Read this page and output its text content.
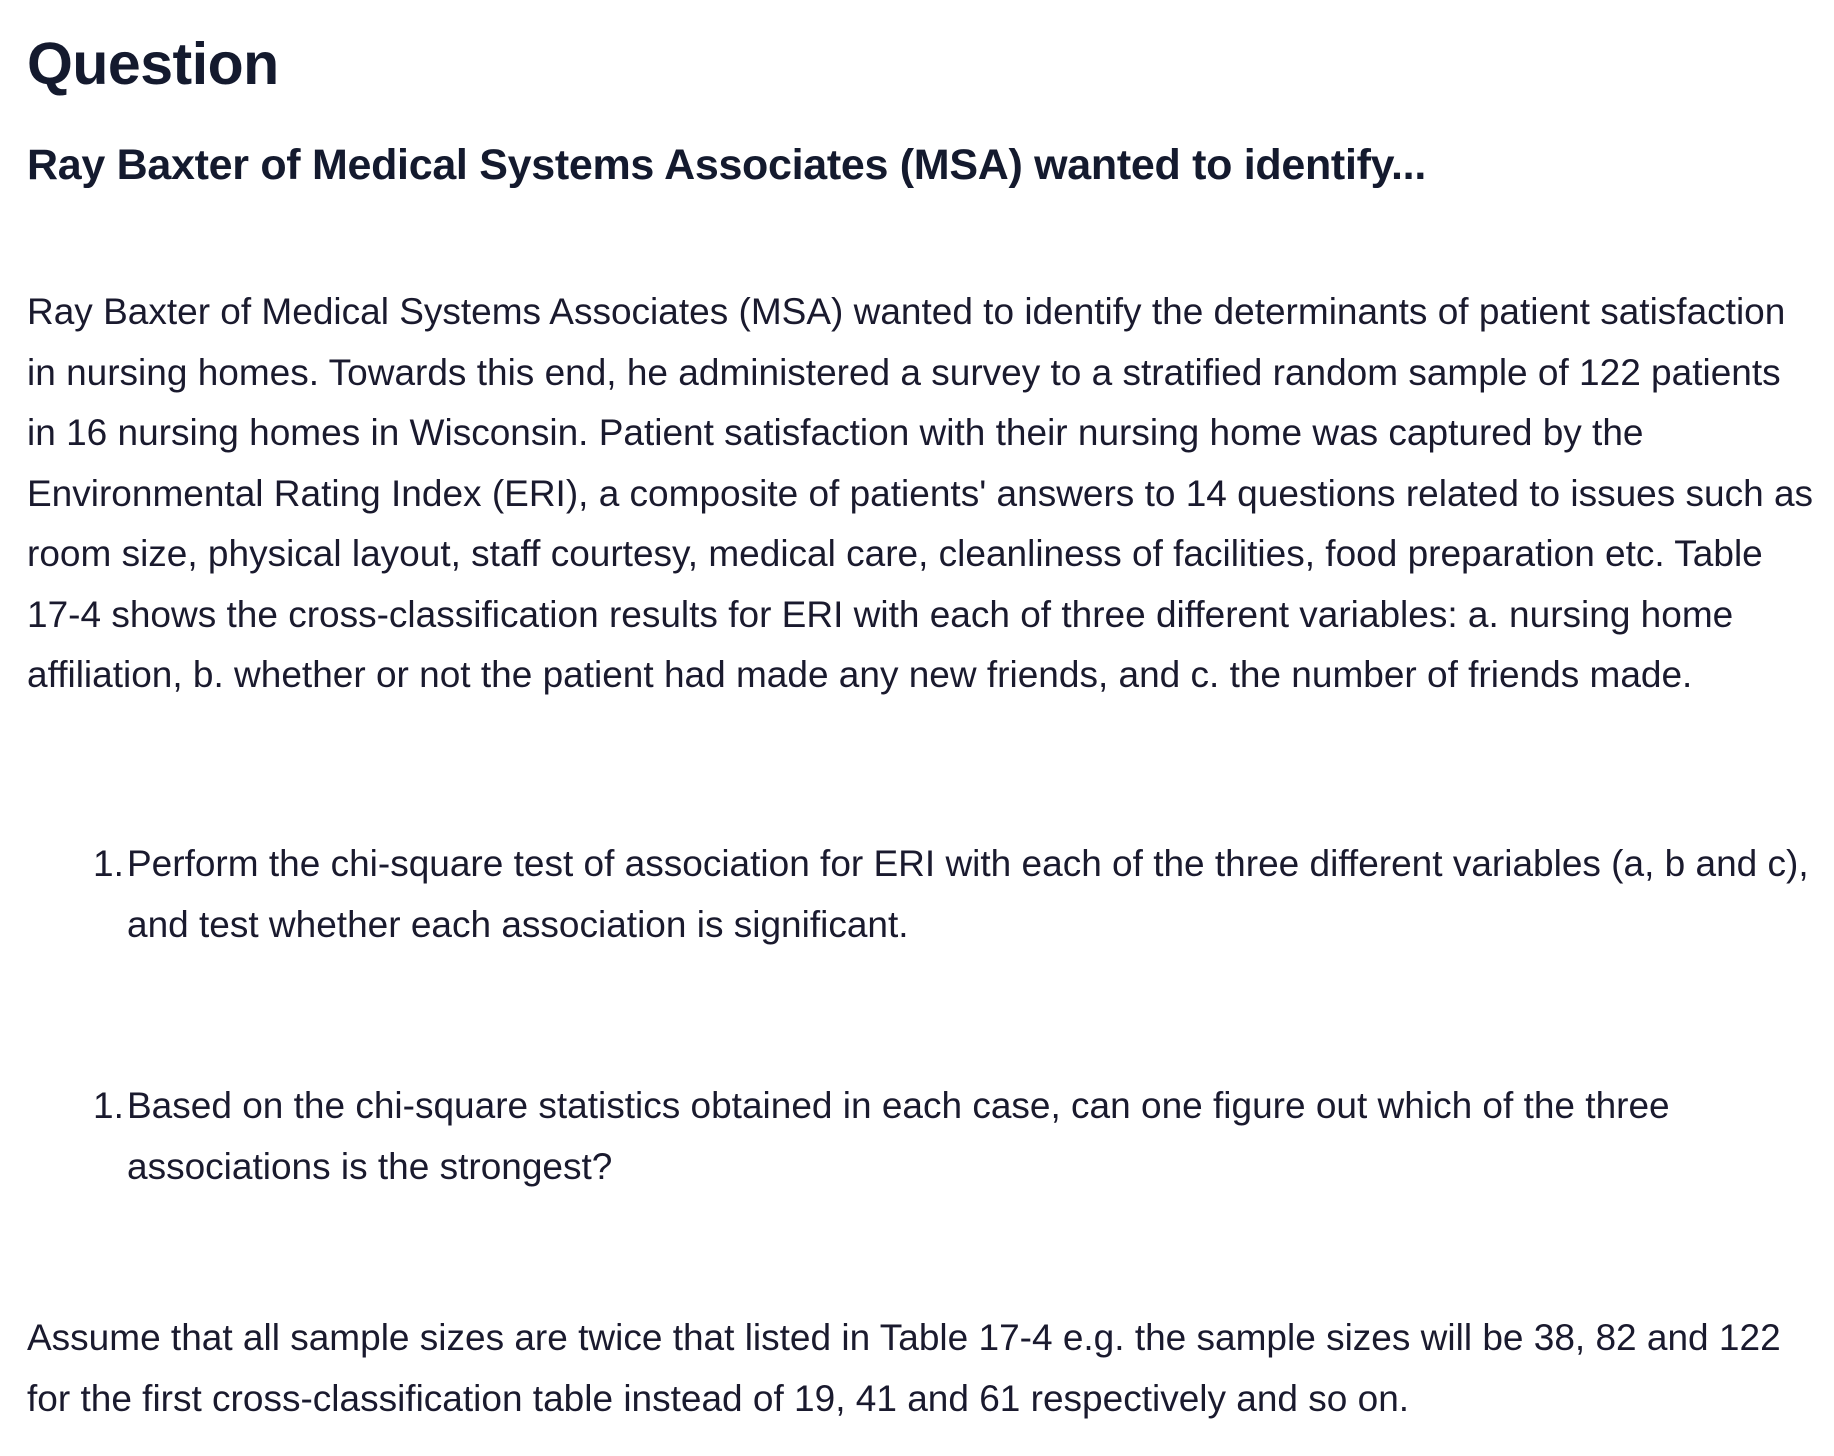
Question
Ray Baxter of Medical Systems Associates (MSA) wanted to identify...

Ray Baxter of Medical Systems Associates (MSA) wanted to identify the determinants of patient satisfaction in nursing homes. Towards this end, he administered a survey to a stratified random sample of 122 patients in 16 nursing homes in Wisconsin. Patient satisfaction with their nursing home was captured by the Environmental Rating Index (ERI), a composite of patients' answers to 14 questions related to issues such as room size, physical layout, staff courtesy, medical care, cleanliness of facilities, food preparation etc. Table 17-4 shows the cross-classification results for ERI with each of three different variables: a. nursing home affiliation, b. whether or not the patient had made any new friends, and c. the number of friends made.

1. Perform the chi-square test of association for ERI with each of the three different variables (a, b and c), and test whether each association is significant.
1. Based on the chi-square statistics obtained in each case, can one figure out which of the three associations is the strongest?

Assume that all sample sizes are twice that listed in Table 17-4 e.g. the sample sizes will be 38, 82 and 122 for the first cross-classification table instead of 19, 41 and 61 respectively and so on.
